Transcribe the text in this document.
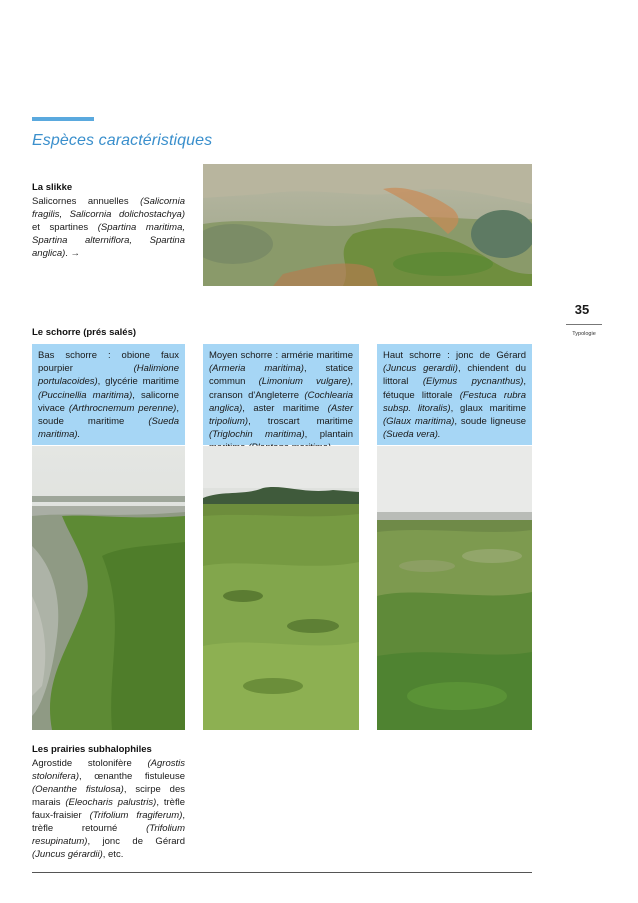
Espèces caractéristiques
La slikke
Salicornes annuelles (Salicornia fragilis, Salicornia dolichostachya) et spartines (Spartina maritima, Spartina alterniflora, Spartina anglica). →
35
Typologie
Le schorre (prés salés)
Bas schorre : obione faux pourpier (Halimione portulacoides), glycérie maritime (Puccinellia maritima), salicorne vivace (Arthrocnemum perenne), soude maritime (Sueda maritima).
Moyen schorre : armérie maritime (Armeria maritima), statice commun (Limonium vulgare), cranson d'Angleterre (Cochlearia anglica), aster maritime (Aster tripolium), troscart maritime (Triglochin maritima), plantain
Haut schorre : jonc de Gérard (Juncus gerardii), chiendent du littoral (Elymus pycnanthus), fétuque littorale (Festuca rubra subsp. litoralis), glaux maritime (Glaux maritima), soude ligneuse (Sueda vera).
Les prairies subhalophiles
Agrostide stolonifère (Agrostis stolonifera), œnanthe fistuleuse (Oenanthe fistulosa), scirpe des marais (Eleocharis palustris), trèfle faux-fraisier (Trifolium fragiferum), trèfle retourné (Trifolium resupinatum), jonc de Gérard (Juncus gérardii), etc.
